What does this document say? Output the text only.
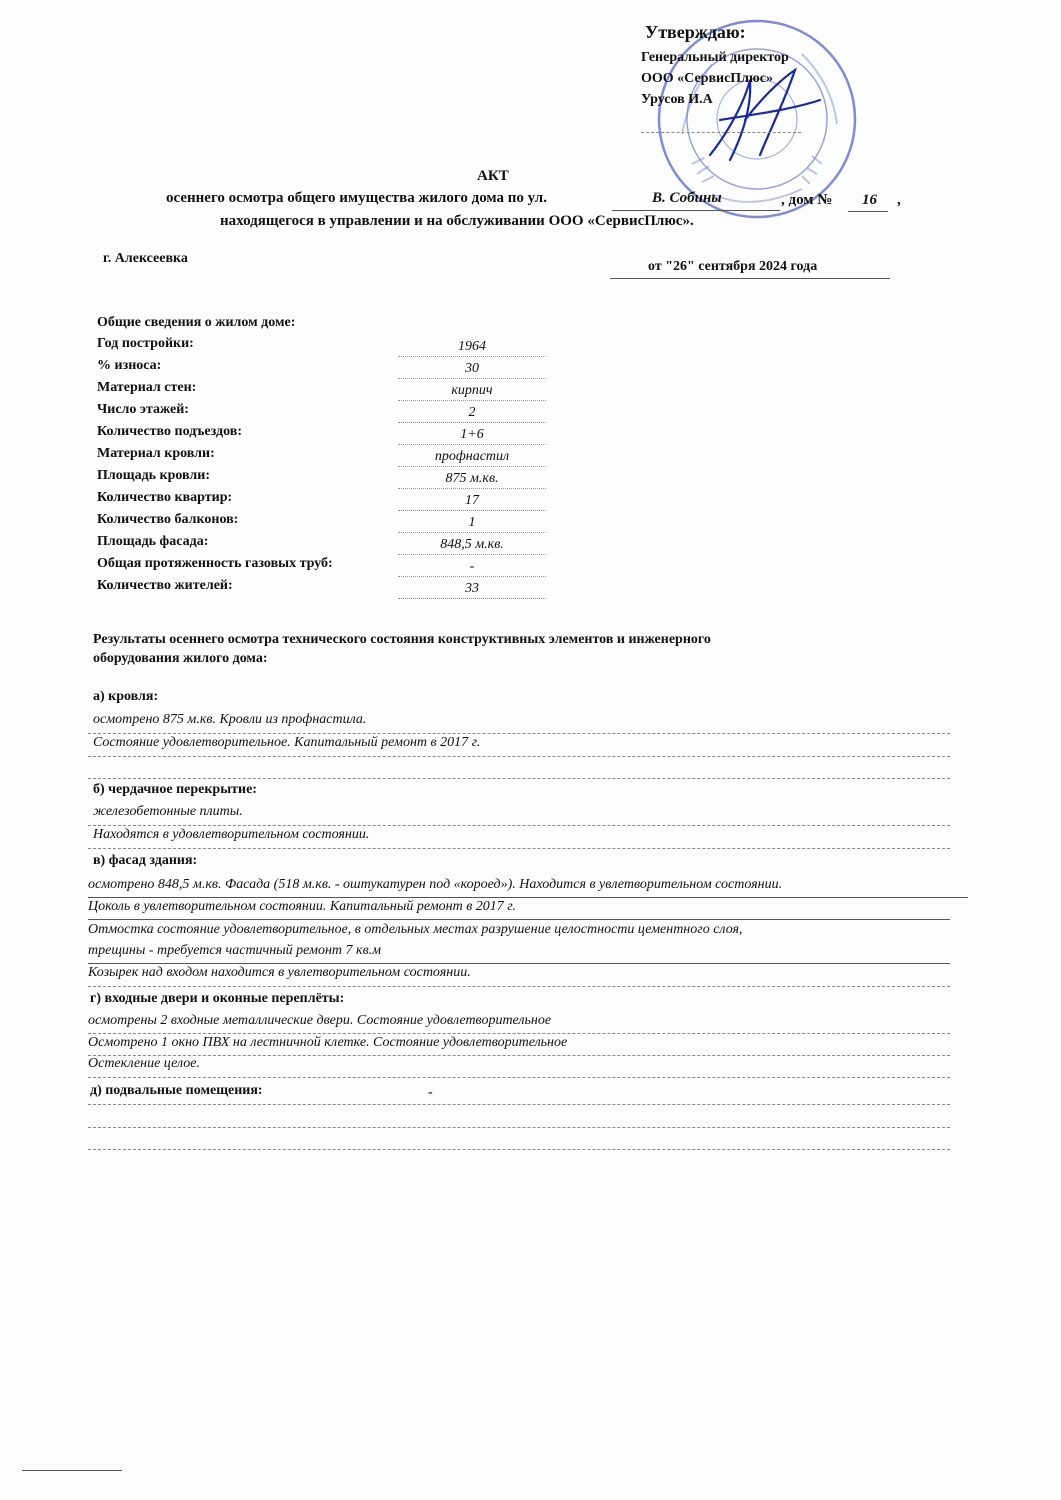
Утверждаю:
Генеральный директор
ООО «СервисПлюс»
Урусов И.А
АКТ
осеннего осмотра общего имущества жилого дома по ул.	В. Собины	, дом № 16 ,
находящегося в управлении и на обслуживании ООО «СервисПлюс».
г. Алексеевка
от "26" сентября 2024 года
Общие сведения о жилом доме:
Год постройки:	1964
% износа:	30
Материал стен:	кирпич
Число этажей:	2
Количество подъездов:	1+6
Материал кровли:	профнастил
Площадь кровли:	875 м.кв.
Количество квартир:	17
Количество балконов:	1
Площадь фасада:	848,5 м.кв.
Общая протяженность газовых труб:	-
Количество жителей:	33
Результаты осеннего осмотра технического состояния конструктивных элементов и инженерного
оборудования жилого дома:
а) кровля:
осмотрено 875 м.кв. Кровли из профнастила.
Состояние удовлетворительное. Капитальный ремонт в 2017 г.
б) чердачное перекрытие:
железобетонные плиты.
Находятся в удовлетворительном состоянии.
в) фасад здания:
осмотрено 848,5 м.кв. Фасада (518 м.кв. - оштукатурен под «короед»). Находится в увлетворительном состоянии.
Цоколь в увлетворительном состоянии. Капитальный ремонт в 2017 г.
Отмостка состояние удовлетворительное, в отдельных местах разрушение целостности цементного слоя,
трещины - требуется частичный ремонт 7 кв.м
Козырек над входом находится в увлетворительном состоянии.
г) входные двери и оконные переплёты:
осмотрены 2 входные металлические двери. Состояние удовлетворительное
Осмотрено 1 окно ПВХ на лестничной клетке. Состояние удовлетворительное
Остекление целое.
д) подвальные помещения:	-
